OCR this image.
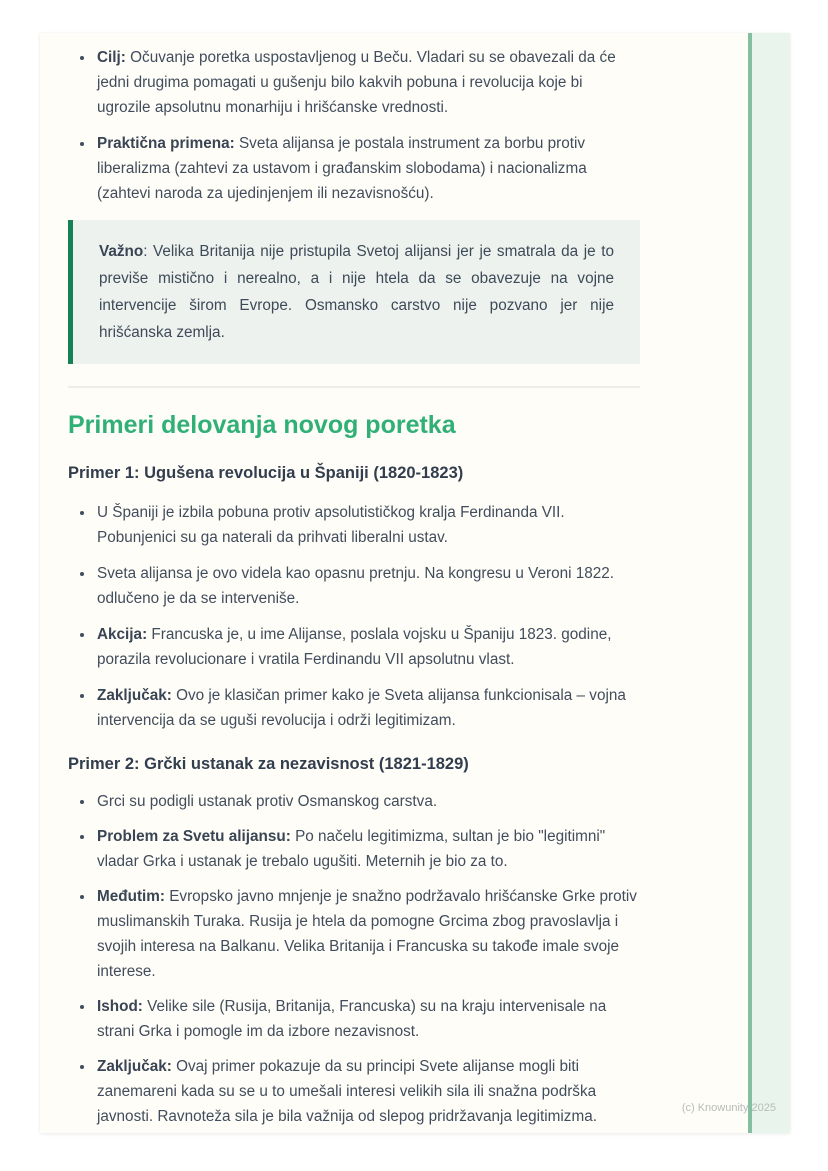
• Cilj: Očuvanje poretka uspostavljenog u Beču. Vladari su se obavezali da će jedni drugima pomagati u gušenju bilo kakvih pobuna i revolucija koje bi ugrozile apsolutnu monarhiju i hrišćanske vrednosti.
• Praktična primena: Sveta alijansa je postala instrument za borbu protiv liberalizma (zahtevi za ustavom i građanskim slobodama) i nacionalizma (zahtevi naroda za ujedinjenjem ili nezavisnošću).
Važno: Velika Britanija nije pristupila Svetoj alijansi jer je smatrala da je to previše mistično i nerealno, a i nije htela da se obavezuje na vojne intervencije širom Evrope. Osmansko carstvo nije pozvano jer nije hrišćanska zemlja.
Primeri delovanja novog poretka
Primer 1: Ugušena revolucija u Španiji (1820-1823)
• U Španiji je izbila pobuna protiv apsolutističkog kralja Ferdinanda VII. Pobunjenici su ga naterali da prihvati liberalni ustav.
• Sveta alijansa je ovo videla kao opasnu pretnju. Na kongresu u Veroni 1822. odlučeno je da se interveniše.
• Akcija: Francuska je, u ime Alijanse, poslala vojsku u Španiju 1823. godine, porazila revolucionare i vratila Ferdinandu VII apsolutnu vlast.
• Zaključak: Ovo je klasičan primer kako je Sveta alijansa funkcionisala – vojna intervencija da se uguši revolucija i održi legitimizam.
Primer 2: Grčki ustanak za nezavisnost (1821-1829)
• Grci su podigli ustanak protiv Osmanskog carstva.
• Problem za Svetu alijansu: Po načelu legitimizma, sultan je bio "legitimni" vladar Grka i ustanak je trebalo ugušiti. Meternih je bio za to.
• Međutim: Evropsko javno mnjenje je snažno podržavalo hrišćanske Grke protiv muslimanskih Turaka. Rusija je htela da pomogne Grcima zbog pravoslavlja i svojih interesa na Balkanu. Velika Britanija i Francuska su takođe imale svoje interese.
• Ishod: Velike sile (Rusija, Britanija, Francuska) su na kraju intervenisale na strani Grka i pomogle im da izbore nezavisnost.
• Zaključak: Ovaj primer pokazuje da su principi Svete alijanse mogli biti zanemareni kada su se u to umešali interesi velikih sila ili snažna podrška javnosti. Ravnoteža sila je bila važnija od slepog pridržavanja legitimizma.	(c) Knowunity 2025
